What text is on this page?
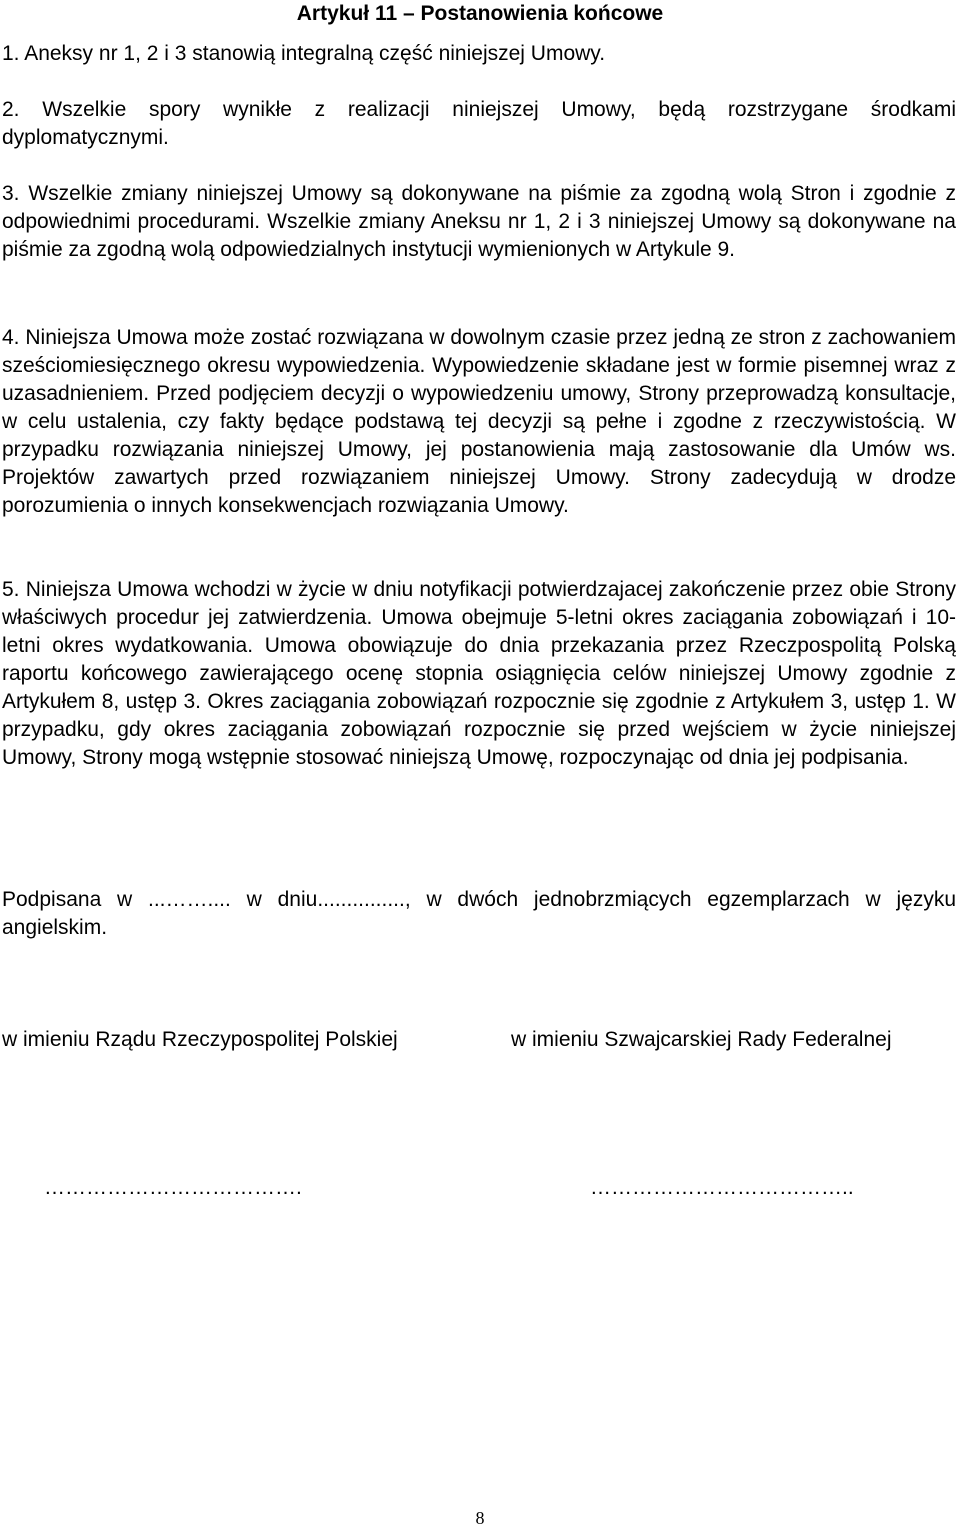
Artykuł 11 – Postanowienia końcowe

1. Aneksy nr 1, 2 i 3 stanowią integralną część niniejszej Umowy.

2. Wszelkie spory wynikłe z realizacji niniejszej Umowy, będą rozstrzygane środkami dyplomatycznymi.

3. Wszelkie zmiany niniejszej Umowy są dokonywane na piśmie za zgodną wolą Stron i zgodnie z odpowiednimi procedurami. Wszelkie zmiany Aneksu nr 1, 2 i 3 niniejszej Umowy są dokonywane na piśmie za zgodną wolą odpowiedzialnych instytucji wymienionych w Artykule 9.

4. Niniejsza Umowa może zostać rozwiązana w dowolnym czasie przez jedną ze stron z zachowaniem sześciomiesięcznego okresu wypowiedzenia. Wypowiedzenie składane jest w formie pisemnej wraz z uzasadnieniem. Przed podjęciem decyzji o wypowiedzeniu umowy, Strony przeprowadzą konsultacje, w celu ustalenia, czy fakty będące podstawą tej decyzji są pełne i zgodne z rzeczywistością. W przypadku rozwiązania niniejszej Umowy, jej postanowienia mają zastosowanie dla Umów ws. Projektów zawartych przed rozwiązaniem niniejszej Umowy. Strony zadecydują w drodze porozumienia o innych konsekwencjach rozwiązania Umowy.

5. Niniejsza Umowa wchodzi w życie w dniu notyfikacji potwierdzajacej zakończenie przez obie Strony właściwych procedur jej zatwierdzenia. Umowa obejmuje 5-letni okres zaciągania zobowiązań i 10-letni okres wydatkowania. Umowa obowiązuje do dnia przekazania przez Rzeczpospolitą Polską raportu końcowego zawierającego ocenę stopnia osiągnięcia celów niniejszej Umowy zgodnie z Artykułem 8, ustęp 3. Okres zaciągania zobowiązań rozpocznie się zgodnie z Artykułem 3, ustęp 1. W przypadku, gdy okres zaciągania zobowiązań rozpocznie się przed wejściem w życie niniejszej Umowy, Strony mogą wstępnie stosować niniejszą Umowę, rozpoczynając od dnia jej podpisania.

Podpisana w ...…….... w dniu..............., w dwóch jednobrzmiących egzemplarzach w języku angielskim.

w imieniu Rządu Rzeczypospolitej Polskiej	w imieniu Szwajcarskiej Rady Federalnej
……………………………….	………………………………..
8
